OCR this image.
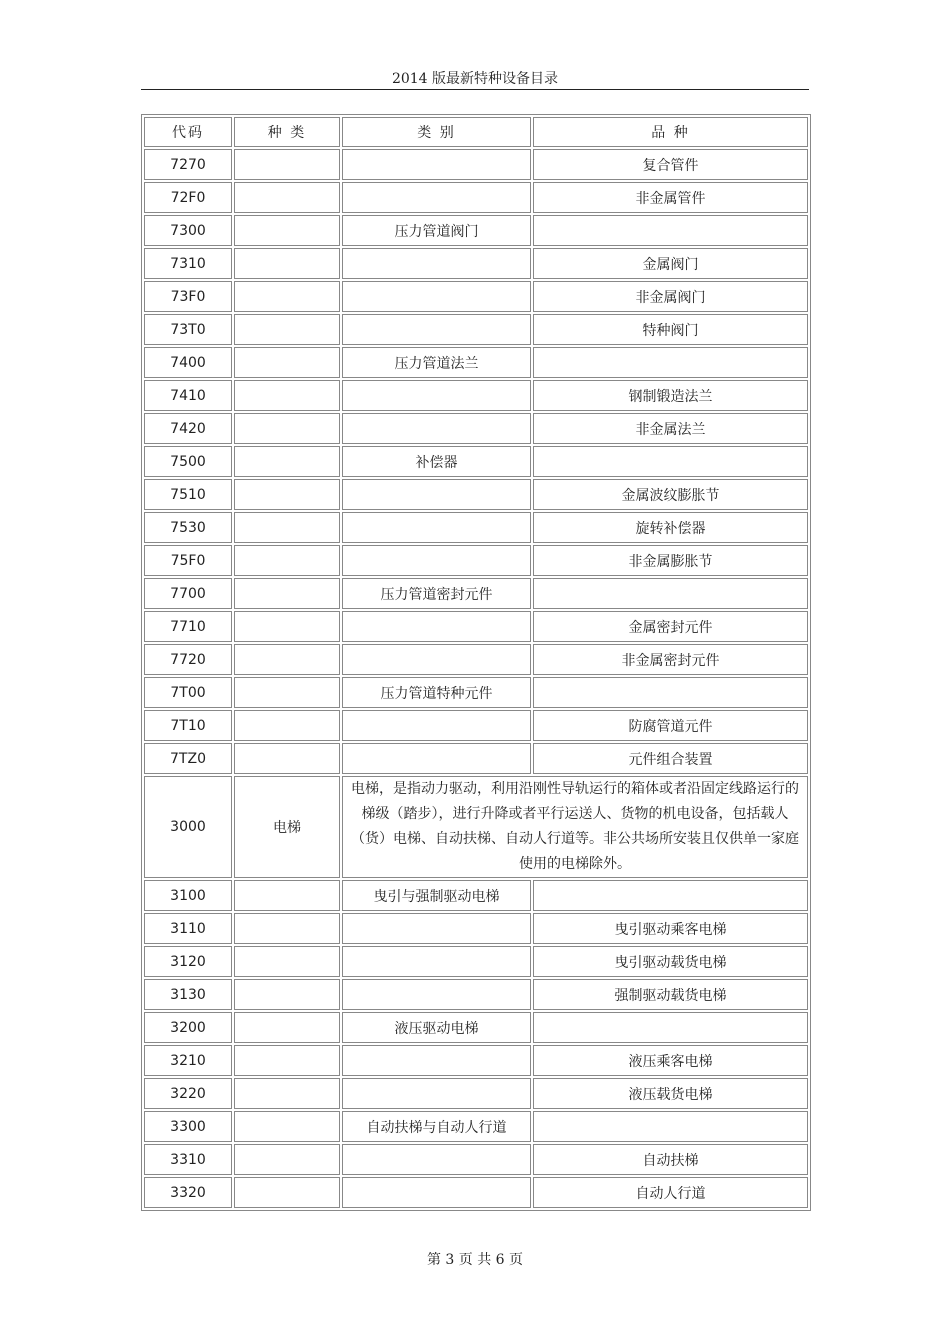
2014 版最新特种设备目录
代码	种 类	类 别	品 种
7270			复合管件
72F0			非金属管件
7300		压力管道阀门	
7310			金属阀门
73F0			非金属阀门
73T0			特种阀门
7400		压力管道法兰	
7410			钢制锻造法兰
7420			非金属法兰
7500		补偿器	
7510			金属波纹膨胀节
7530			旋转补偿器
75F0			非金属膨胀节
7700		压力管道密封元件	
7710			金属密封元件
7720			非金属密封元件
7T00		压力管道特种元件	
7T10			防腐管道元件
7TZ0			元件组合装置
3000	电梯	电梯，是指动力驱动，利用沿刚性导轨运行的箱体或者沿固定线路运行的梯级（踏步），进行升降或者平行运送人、货物的机电设备，包括载人（货）电梯、自动扶梯、自动人行道等。非公共场所安装且仅供单一家庭使用的电梯除外。	
3100		曳引与强制驱动电梯	
3110			曳引驱动乘客电梯
3120			曳引驱动载货电梯
3130			强制驱动载货电梯
3200		液压驱动电梯	
3210			液压乘客电梯
3220			液压载货电梯
3300		自动扶梯与自动人行道	
3310			自动扶梯
3320			自动人行道
第 3 页 共 6 页
